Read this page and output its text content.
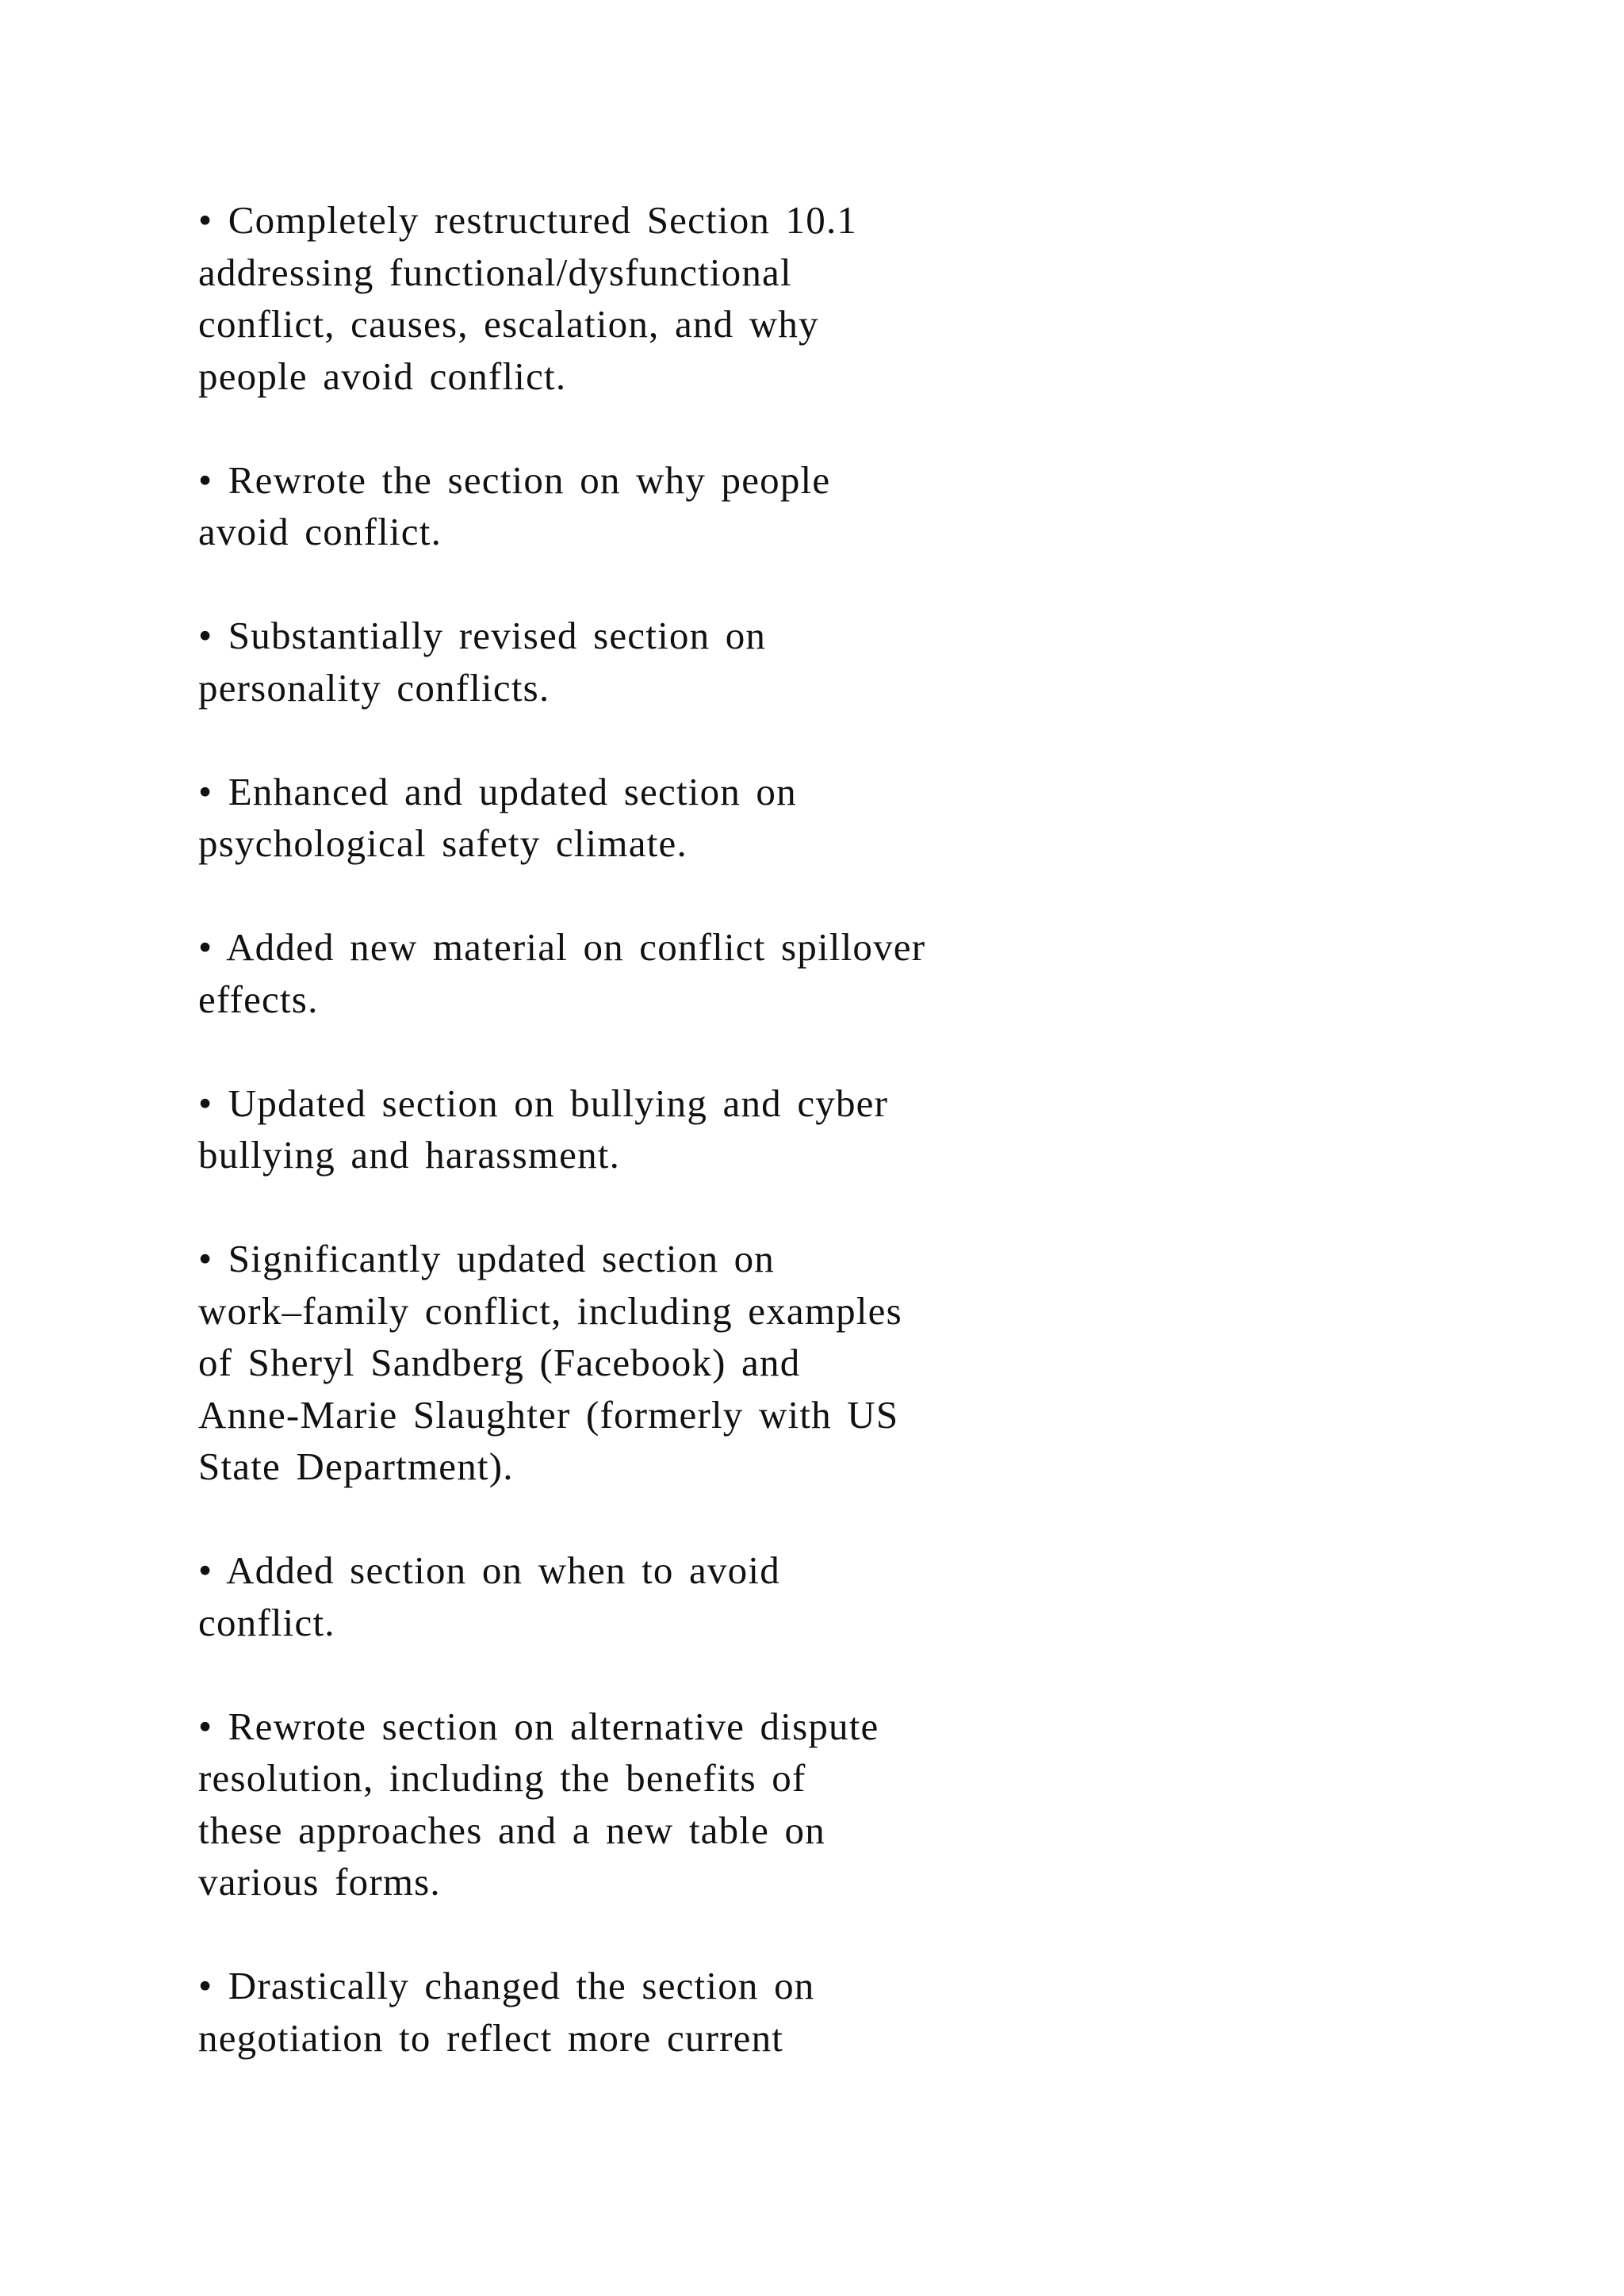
• Completely restructured Section 10.1
addressing functional/dysfunctional
conflict, causes, escalation, and why
people avoid conflict.

• Rewrote the section on why people
avoid conflict.

• Substantially revised section on
personality conflicts.

• Enhanced and updated section on
psychological safety climate.

• Added new material on conflict spillover
effects.

• Updated section on bullying and cyber
bullying and harassment.

• Significantly updated section on
work–family conflict, including examples
of Sheryl Sandberg (Facebook) and
Anne-Marie Slaughter (formerly with US
State Department).

• Added section on when to avoid
conflict.

• Rewrote section on alternative dispute
resolution, including the benefits of
these approaches and a new table on
various forms.

• Drastically changed the section on
negotiation to reflect more current
